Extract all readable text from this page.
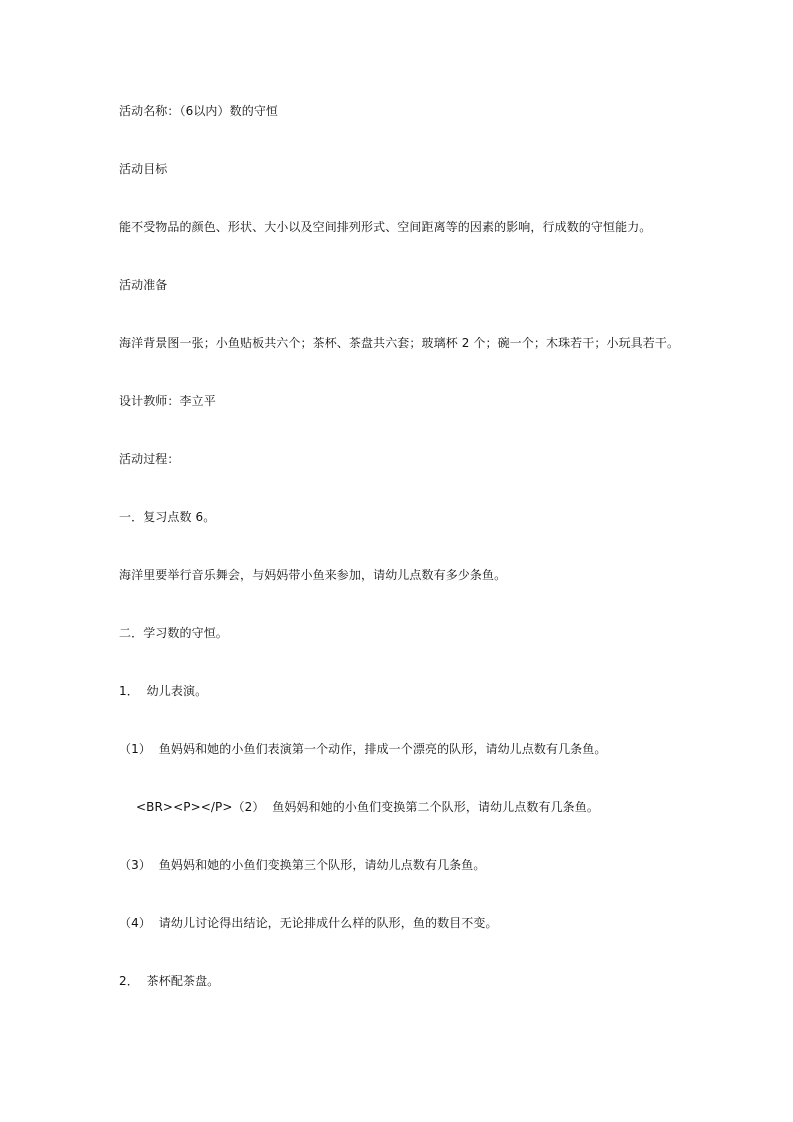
活动名称：（6以内）数的守恒
活动目标
能不受物品的颜色、形状、大小以及空间排列形式、空间距离等的因素的影响，行成数的守恒能力。
活动准备
海洋背景图一张；小鱼贴板共六个；茶杯、茶盘共六套；玻璃杯 2 个；碗一个；木珠若干；小玩具若干。
设计教师：李立平
活动过程：
一．复习点数 6。
海洋里要举行音乐舞会，与妈妈带小鱼来参加，请幼儿点数有多少条鱼。
二．学习数的守恒。
1．  幼儿表演。
（1）  鱼妈妈和她的小鱼们表演第一个动作，排成一个漂亮的队形，请幼儿点数有几条鱼。
<BR><P></P>（2）  鱼妈妈和她的小鱼们变换第二个队形，请幼儿点数有几条鱼。
（3）  鱼妈妈和她的小鱼们变换第三个队形，请幼儿点数有几条鱼。
（4）  请幼儿讨论得出结论，无论排成什么样的队形，鱼的数目不变。
2．  茶杯配茶盘。
